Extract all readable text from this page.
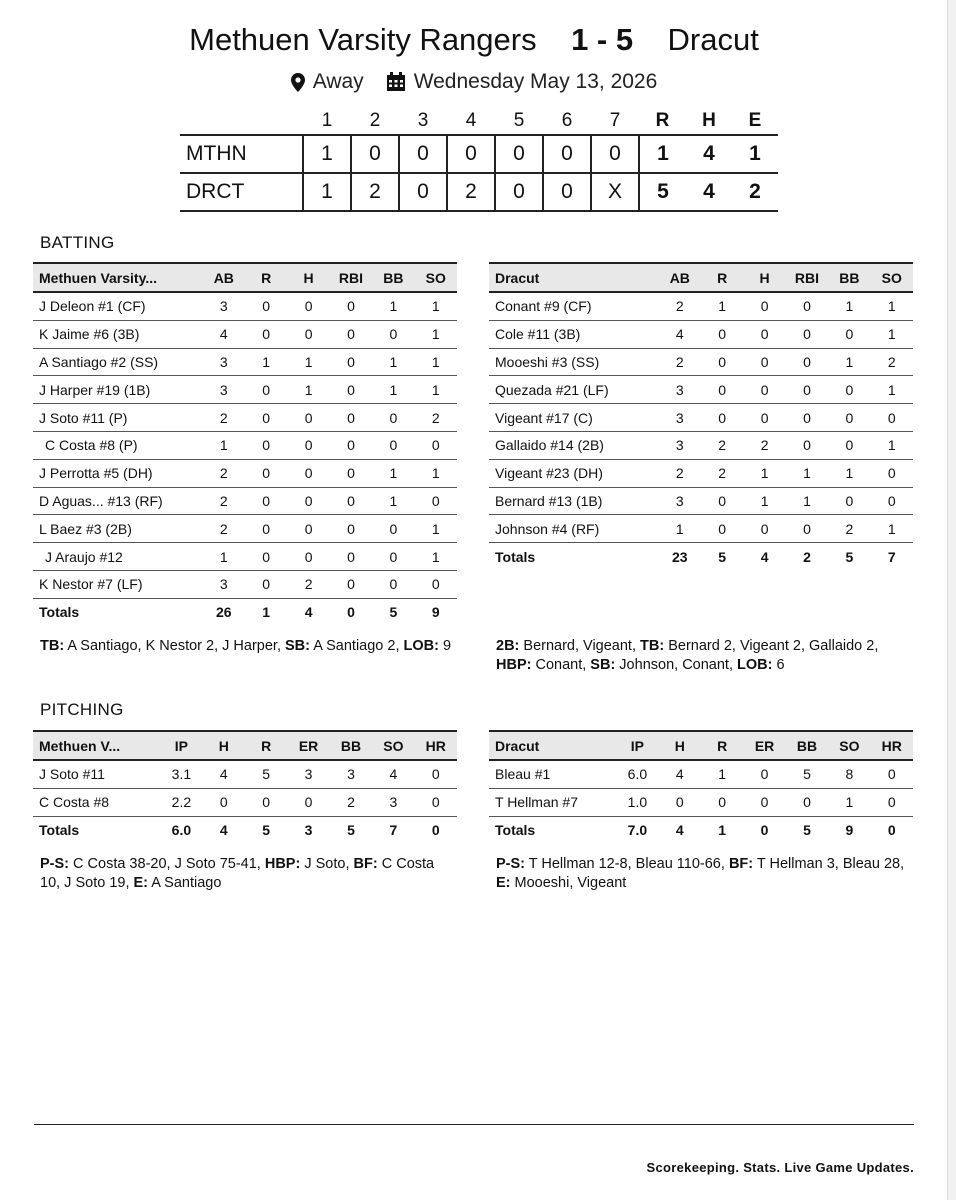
Methuen Varsity Rangers 1 - 5 Dracut
Away Wednesday May 13, 2026
	1	2	3	4	5	6	7	R	H	E
MTHN	1	0	0	0	0	0	0	1	4	1
DRCT	1	2	0	2	0	0	X	5	4	2
BATTING
Methuen Varsity...	AB	R	H	RBI	BB	SO
J Deleon #1 (CF)	3	0	0	0	1	1
K Jaime #6 (3B)	4	0	0	0	0	1
A Santiago #2 (SS)	3	1	1	0	1	1
J Harper #19 (1B)	3	0	1	0	1	1
J Soto #11 (P)	2	0	0	0	0	2
C Costa #8 (P)	1	0	0	0	0	0
J Perrotta #5 (DH)	2	0	0	0	1	1
D Aguas... #13 (RF)	2	0	0	0	1	0
L Baez #3 (2B)	2	0	0	0	0	1
J Araujo #12	1	0	0	0	0	1
K Nestor #7 (LF)	3	0	2	0	0	0
Totals	26	1	4	0	5	9
Dracut	AB	R	H	RBI	BB	SO
Conant #9 (CF)	2	1	0	0	1	1
Cole #11 (3B)	4	0	0	0	0	1
Mooeshi #3 (SS)	2	0	0	0	1	2
Quezada #21 (LF)	3	0	0	0	0	1
Vigeant #17 (C)	3	0	0	0	0	0
Gallaido #14 (2B)	3	2	2	0	0	1
Vigeant #23 (DH)	2	2	1	1	1	0
Bernard #13 (1B)	3	0	1	1	0	0
Johnson #4 (RF)	1	0	0	0	2	1
Totals	23	5	4	2	5	7
TB: A Santiago, K Nestor 2, J Harper, SB: A Santiago 2, LOB: 9	2B: Bernard, Vigeant, TB: Bernard 2, Vigeant 2, Gallaido 2, HBP: Conant, SB: Johnson, Conant, LOB: 6
PITCHING
Methuen V...	IP	H	R	ER	BB	SO	HR
J Soto #11	3.1	4	5	3	3	4	0
C Costa #8	2.2	0	0	0	2	3	0
Totals	6.0	4	5	3	5	7	0
Dracut	IP	H	R	ER	BB	SO	HR
Bleau #1	6.0	4	1	0	5	8	0
T Hellman #7	1.0	0	0	0	0	1	0
Totals	7.0	4	1	0	5	9	0
P-S: C Costa 38-20, J Soto 75-41, HBP: J Soto, BF: C Costa 10, J Soto 19, E: A Santiago
P-S: T Hellman 12-8, Bleau 110-66, BF: T Hellman 3, Bleau 28, E: Mooeshi, Vigeant
Scorekeeping. Stats. Live Game Updates.
